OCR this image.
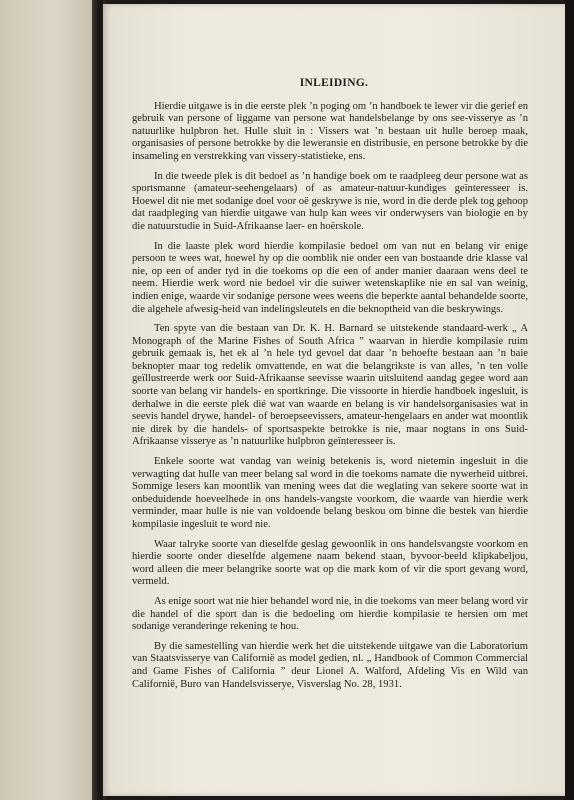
INLEIDING.

Hierdie uitgawe is in die eerste plek ’n poging om ’n handboek te lewer vir die gerief en gebruik van persone of liggame van persone wat handelsbelange by ons see-visserye as ’n natuurlike hulpbron het. Hulle sluit in : Vissers wat ’n bestaan uit hulle beroep maak, organisasies of persone betrokke by die leweransie en distribusie, en persone betrokke by die insameling en verstrekking van vissery-statistieke, ens.

In die tweede plek is dit bedoel as ’n handige boek om te raadpleeg deur persone wat as sportsmanne (amateur-seehengelaars) of as amateur-natuur-kundiges geïnteresseer is. Hoewel dit nie met sodanige doel voor oë geskrywe is nie, word in die derde plek tog gehoop dat raadpleging van hierdie uitgawe van hulp kan wees vir onderwysers van biologie en by die natuurstudie in Suid-Afrikaanse laer- en hoërskole.

In die laaste plek word hierdie kompilasie bedoel om van nut en belang vir enige persoon te wees wat, hoewel hy op die oomblik nie onder een van bostaande drie klasse val nie, op een of ander tyd in die toekoms op die een of ander manier daaraan wens deel te neem. Hierdie werk word nie bedoel vir die suiwer wetenskaplike nie en sal van weinig, indien enige, waarde vir sodanige persone wees weens die beperkte aantal behandelde soorte, die algehele afwesig-heid van indelingsleutels en die beknoptheid van die beskrywings.

Ten spyte van die bestaan van Dr. K. H. Barnard se uitstekende standaard-werk „ A Monograph of the Marine Fishes of South Africa ” waarvan in hierdie kompilasie ruim gebruik gemaak is, het ek al ’n hele tyd gevoel dat daar ’n behoefte bestaan aan ’n baie beknopter maar tog redelik omvattende, en wat die belangrikste is van alles, ’n ten volle geïllustreerde werk oor Suid-Afrikaanse seevisse waarin uitsluitend aandag gegee word aan soorte van belang vir handels- en sportkringe. Die vissoorte in hierdie handboek ingesluit, is derhalwe in die eerste plek dié wat van waarde en belang is vir handelsorganisasies wat in seevis handel drywe, handel- of beroepseevissers, amateur-hengelaars en ander wat moontlik nie direk by die handels- of sportsaspekte betrokke is nie, maar nogtans in ons Suid-Afrikaanse visserye as ’n natuurlike hulpbron geïnteresseer is.

Enkele soorte wat vandag van weinig betekenis is, word nietemin ingesluit in die verwagting dat hulle van meer belang sal word in die toekoms namate die nywerheid uitbrei. Sommige lesers kan moontlik van mening wees dat die weglating van sekere soorte wat in onbeduidende hoeveelhede in ons handels-vangste voorkom, die waarde van hierdie werk verminder, maar hulle is nie van voldoende belang beskou om binne die bestek van hierdie kompilasie ingesluit te word nie.

Waar talryke soorte van dieselfde geslag gewoonlik in ons handelsvangste voorkom en hierdie soorte onder dieselfde algemene naam bekend staan, byvoor-beeld klipkabeljou, word alleen die meer belangrike soorte wat op die mark kom of vir die sport gevang word, vermeld.

As enige soort wat nie hier behandel word nie, in die toekoms van meer belang word vir die handel of die sport dan is die bedoeling om hierdie kompilasie te hersien om met sodanige veranderinge rekening te hou.

By die samestelling van hierdie werk het die uitstekende uitgawe van die Laboratorium van Staatsvisserye van Californië as model gedien, nl. „ Handbook of Common Commercial and Game Fishes of California ” deur Lionel A. Walford, Afdeling Vis en Wild van Californië, Buro van Handelsvisserye, Visverslag No. 28, 1931.
